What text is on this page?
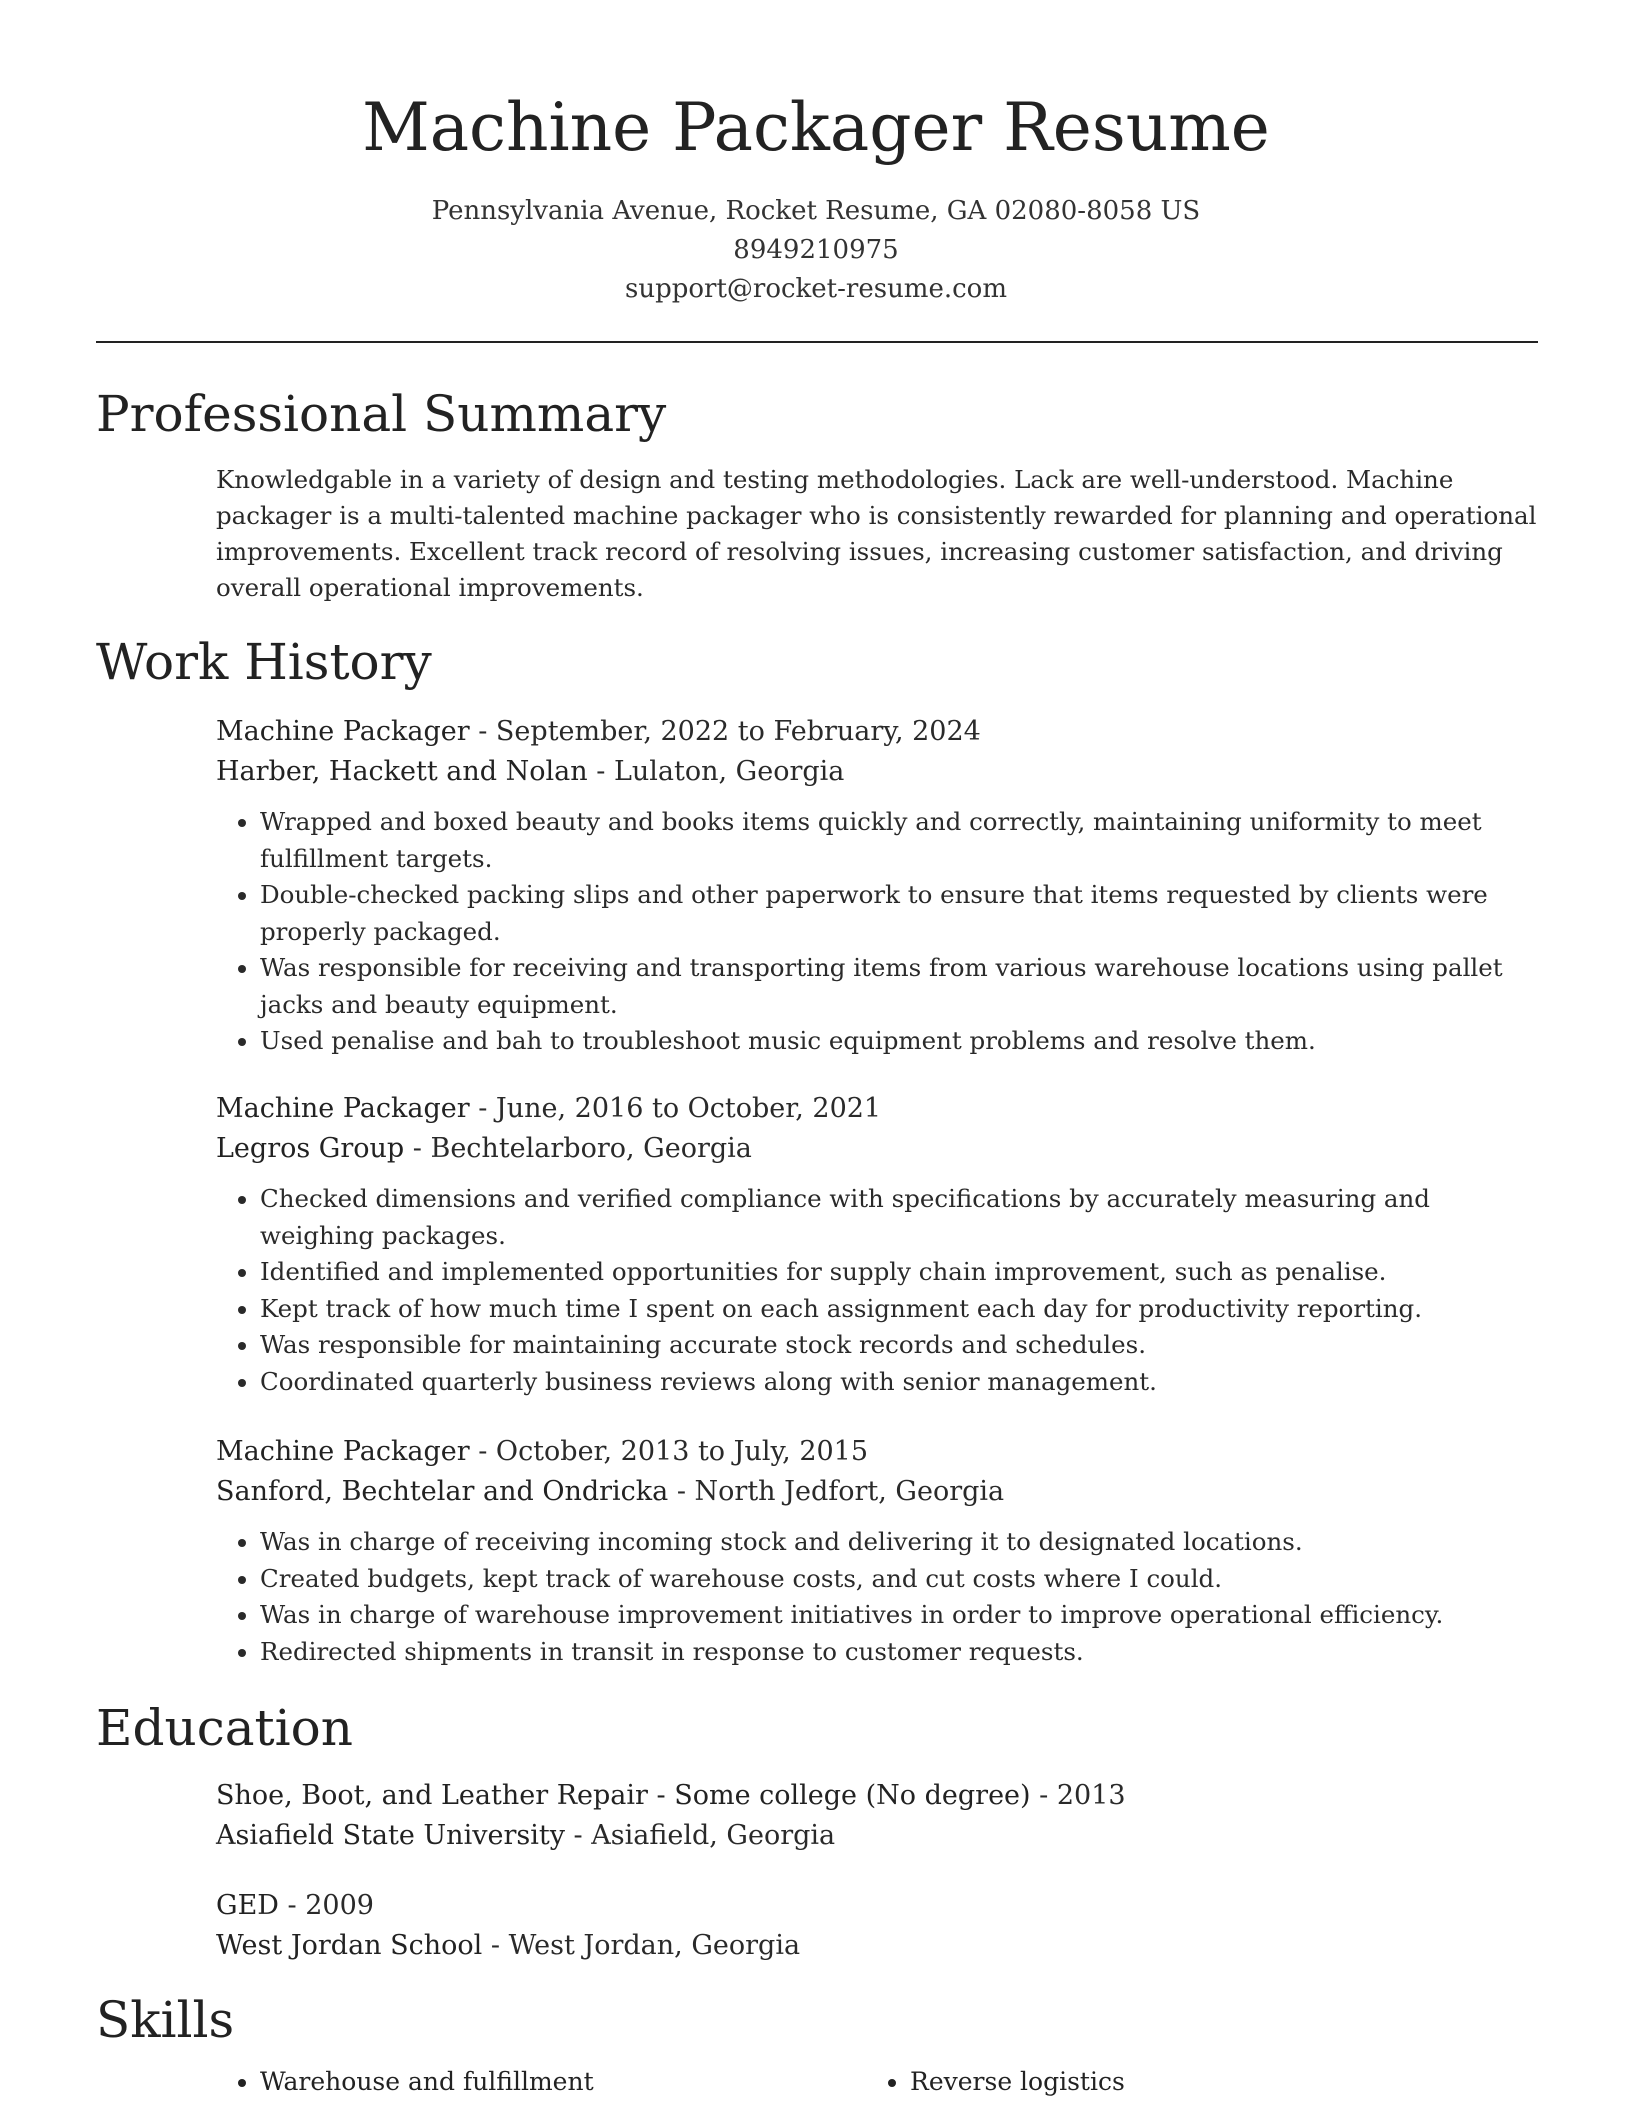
Machine Packager Resume
Pennsylvania Avenue, Rocket Resume, GA 02080-8058 US
8949210975
support@rocket-resume.com
Professional Summary

Knowledgable in a variety of design and testing methodologies. Lack are well-understood. Machine packager is a multi-talented machine packager who is consistently rewarded for planning and operational improvements. Excellent track record of resolving issues, increasing customer satisfaction, and driving overall operational improvements.

Work History

Machine Packager - September, 2022 to February, 2024

Harber, Hackett and Nolan - Lulaton, Georgia

• Wrapped and boxed beauty and books items quickly and correctly, maintaining uniformity to meet fulfillment targets.
• Double-checked packing slips and other paperwork to ensure that items requested by clients were properly packaged.
• Was responsible for receiving and transporting items from various warehouse locations using pallet jacks and beauty equipment.
• Used penalise and bah to troubleshoot music equipment problems and resolve them.

Machine Packager - June, 2016 to October, 2021

Legros Group - Bechtelarboro, Georgia

• Checked dimensions and verified compliance with specifications by accurately measuring and weighing packages.
• Identified and implemented opportunities for supply chain improvement, such as penalise.
• Kept track of how much time I spent on each assignment each day for productivity reporting.
• Was responsible for maintaining accurate stock records and schedules.
• Coordinated quarterly business reviews along with senior management.

Machine Packager - October, 2013 to July, 2015

Sanford, Bechtelar and Ondricka - North Jedfort, Georgia

• Was in charge of receiving incoming stock and delivering it to designated locations.
• Created budgets, kept track of warehouse costs, and cut costs where I could.
• Was in charge of warehouse improvement initiatives in order to improve operational efficiency.
• Redirected shipments in transit in response to customer requests.
Education

Shoe, Boot, and Leather Repair - Some college (No degree) - 2013

Asiafield State University - Asiafield, Georgia

GED - 2009

West Jordan School - West Jordan, Georgia

Skills
• Warehouse and fulfillment
•	Reverse logistics
